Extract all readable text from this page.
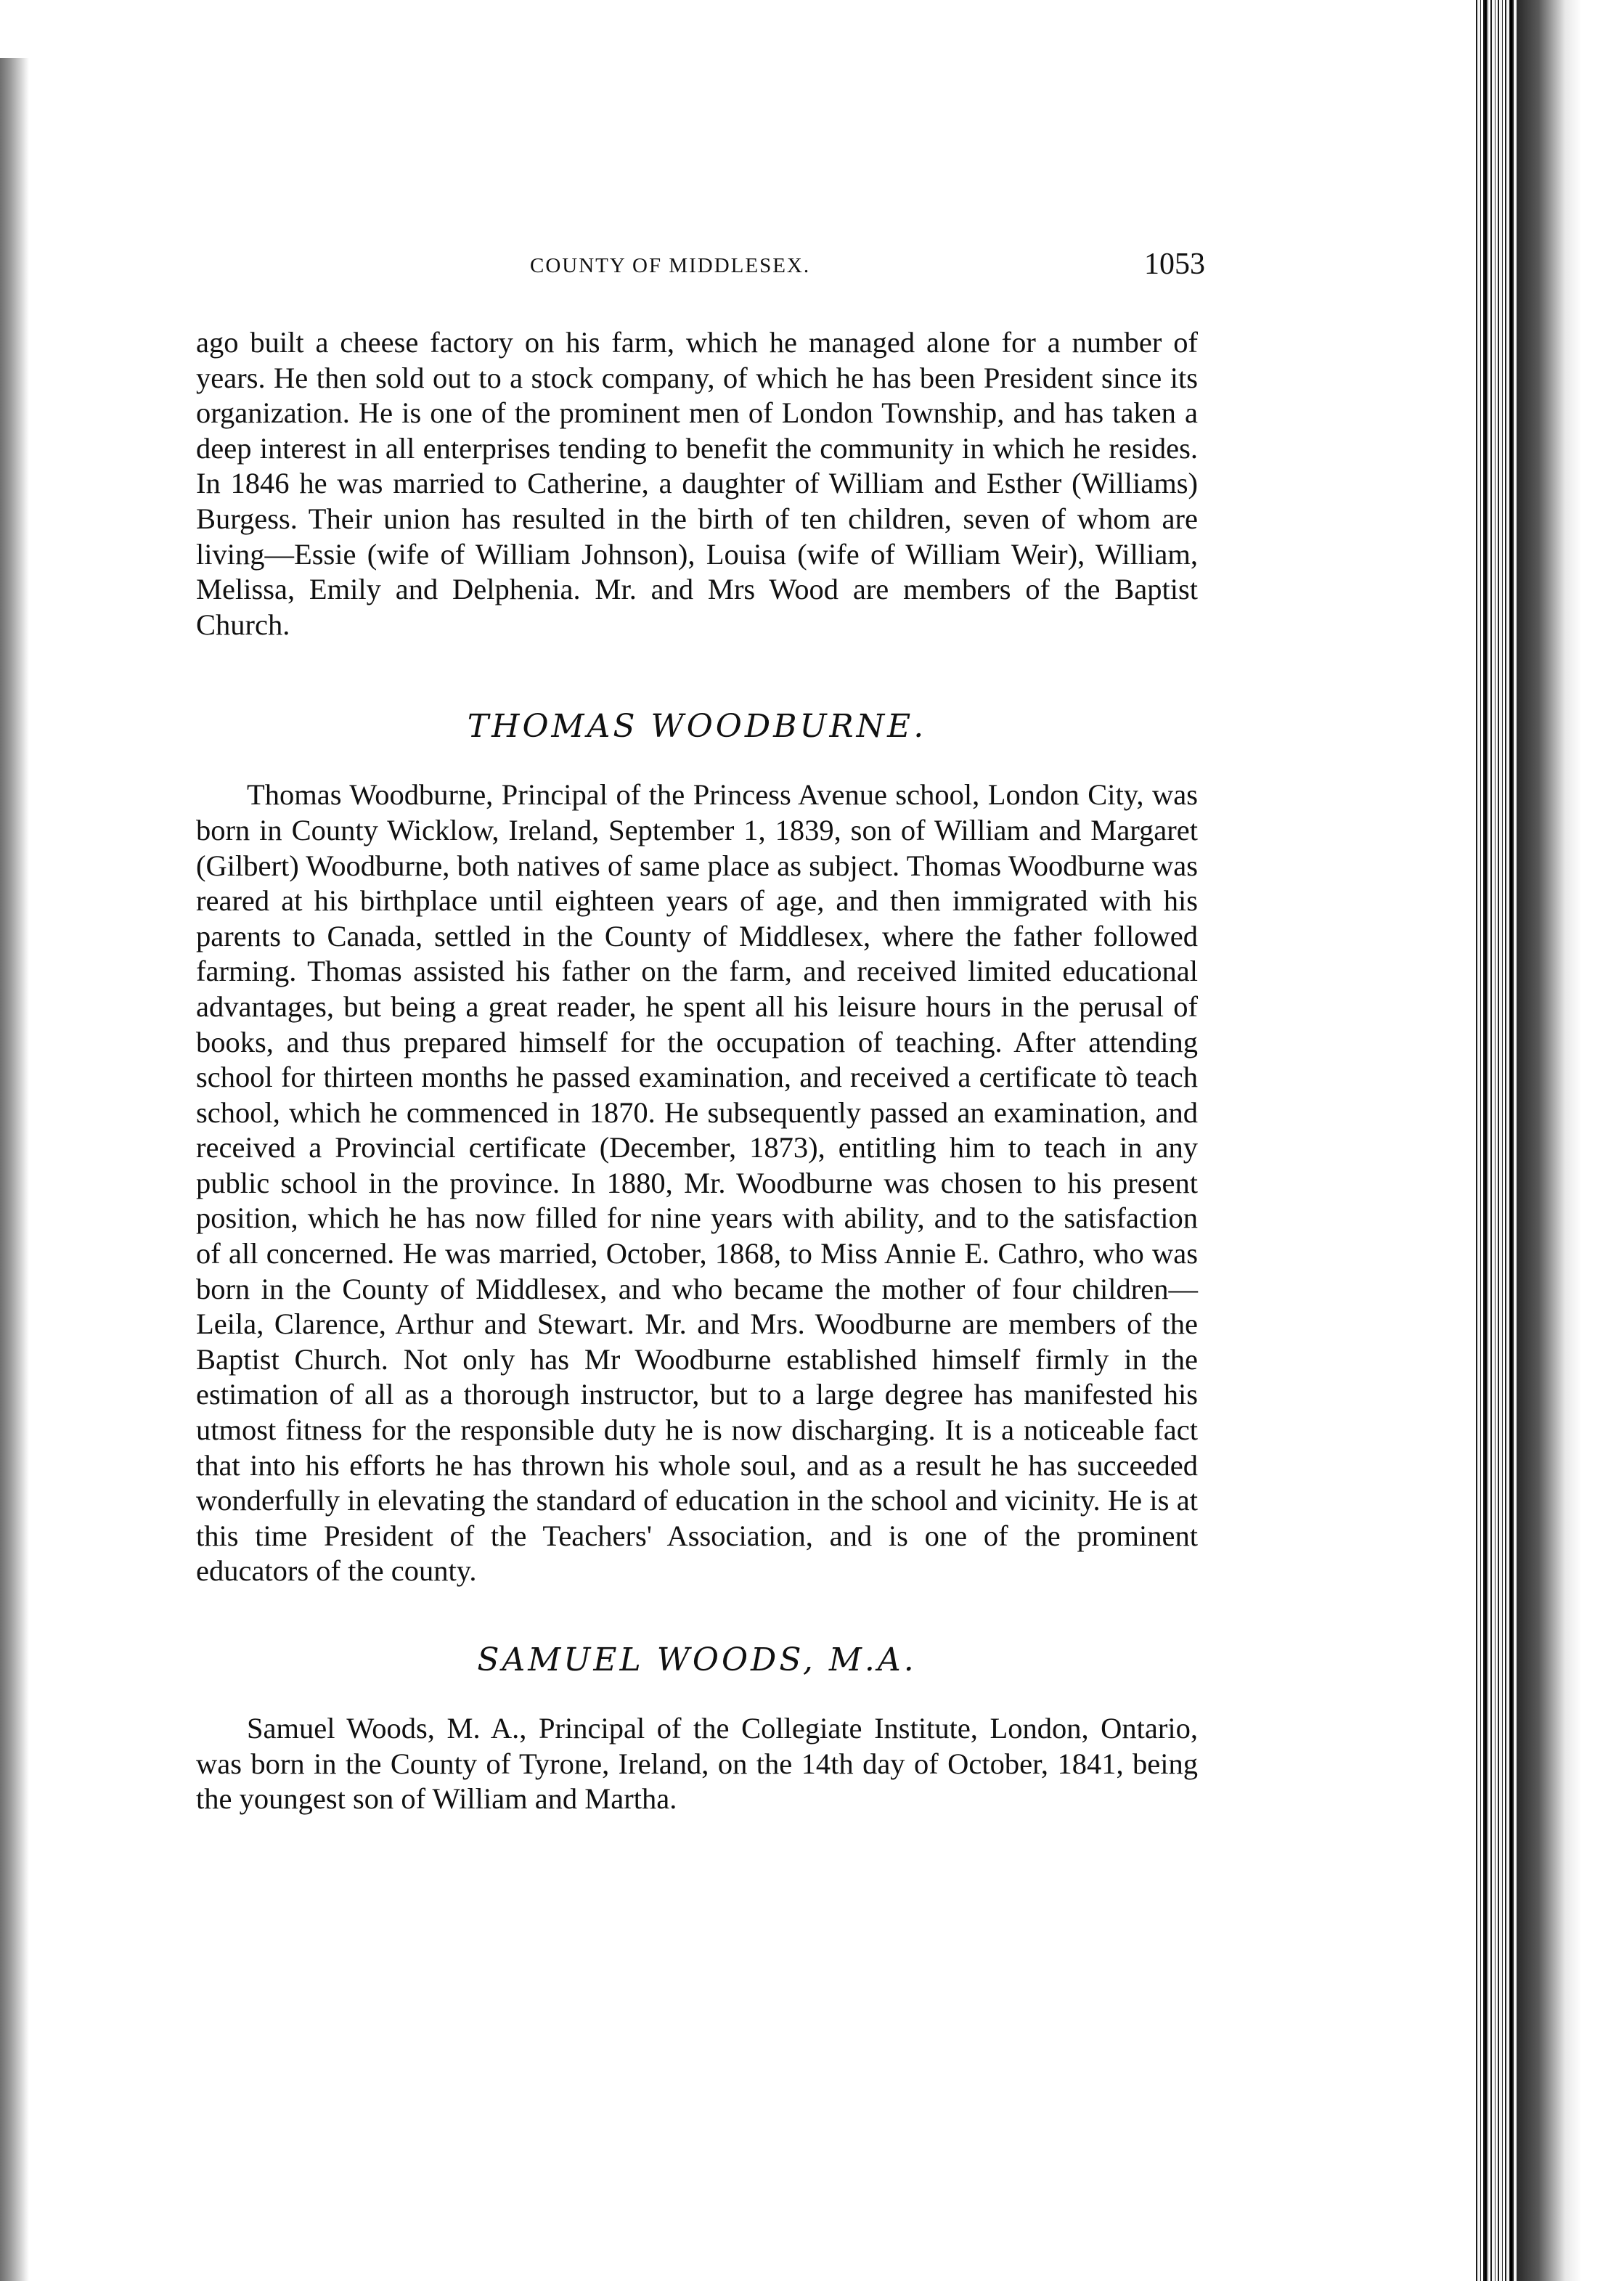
COUNTY OF MIDDLESEX.	1053

ago built a cheese factory on his farm, which he managed alone for a number of years. He then sold out to a stock company, of which he has been President since its organization. He is one of the prominent men of London Township, and has taken a deep interest in all enterprises tending to benefit the community in which he resides. In 1846 he was married to Catherine, a daughter of William and Esther (Williams) Burgess. Their union has resulted in the birth of ten children, seven of whom are living—Essie (wife of William Johnson), Louisa (wife of William Weir), William, Melissa, Emily and Delphenia. Mr. and Mrs Wood are members of the Baptist Church.

THOMAS WOODBURNE.

Thomas Woodburne, Principal of the Princess Avenue school, London City, was born in County Wicklow, Ireland, September 1, 1839, son of William and Margaret (Gilbert) Woodburne, both natives of same place as subject. Thomas Woodburne was reared at his birthplace until eighteen years of age, and then immigrated with his parents to Canada, settled in the County of Middlesex, where the father followed farming. Thomas assisted his father on the farm, and received limited educational advantages, but being a great reader, he spent all his leisure hours in the perusal of books, and thus prepared himself for the occupation of teaching. After attending school for thirteen months he passed examination, and received a certificate tò teach school, which he commenced in 1870. He subsequently passed an examination, and received a Provincial certificate (December, 1873), entitling him to teach in any public school in the province. In 1880, Mr. Woodburne was chosen to his present position, which he has now filled for nine years with ability, and to the satisfaction of all concerned. He was married, October, 1868, to Miss Annie E. Cathro, who was born in the County of Middlesex, and who became the mother of four children—Leila, Clarence, Arthur and Stewart. Mr. and Mrs. Woodburne are members of the Baptist Church. Not only has Mr Woodburne established himself firmly in the estimation of all as a thorough instructor, but to a large degree has manifested his utmost fitness for the responsible duty he is now discharging. It is a noticeable fact that into his efforts he has thrown his whole soul, and as a result he has succeeded wonderfully in elevating the standard of education in the school and vicinity. He is at this time President of the Teachers' Association, and is one of the prominent educators of the county.

SAMUEL WOODS, M.A.

Samuel Woods, M. A., Principal of the Collegiate Institute, London, Ontario, was born in the County of Tyrone, Ireland, on the 14th day of October, 1841, being the youngest son of William and Martha.
